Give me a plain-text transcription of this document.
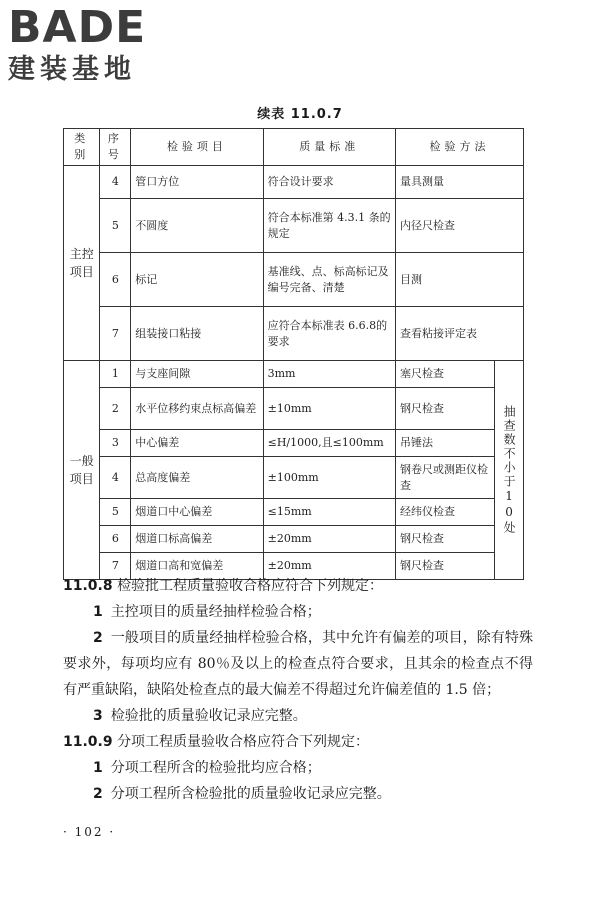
BADE
建装基地
续表 11.0.7
类别	序号	检验项目	质量标准	检验方法	
主控项目	4	管口方位	符合设计要求	量具测量	
	5	不圆度	符合本标准第 4.3.1 条的规定	内径尺检查	
	6	标记	基准线、点、标高标记及编号完备、清楚	目测	
	7	组装接口粘接	应符合本标准表 6.6.8的要求	查看粘接评定表	
一般项目	1	与支座间隙	3mm	塞尺检查	抽查数不小于10处

	2	水平位移约束点标高偏差	±10mm	钢尺检查	
	3	中心偏差	≤H/1000,且≤100mm	吊锤法	
	4	总高度偏差	±100mm	钢卷尺或测距仪检查	
	5	烟道口中心偏差	≤15mm	经纬仪检查	
	6	烟道口标高偏差	±20mm	钢尺检查	
	7	烟道口高和宽偏差	±20mm	钢尺检查	

11.0.8 检验批工程质量验收合格应符合下列规定：

1 主控项目的质量经抽样检验合格；

2 一般项目的质量经抽样检验合格，其中允许有偏差的项目，除有特殊要求外，每项均应有 80％及以上的检查点符合要求，且其余的检查点不得有严重缺陷，缺陷处检查点的最大偏差不得超过允许偏差值的 1.5 倍；

3 检验批的质量验收记录应完整。

11.0.9 分项工程质量验收合格应符合下列规定：

1 分项工程所含的检验批均应合格；

2 分项工程所含检验批的质量验收记录应完整。

· 102 ·
